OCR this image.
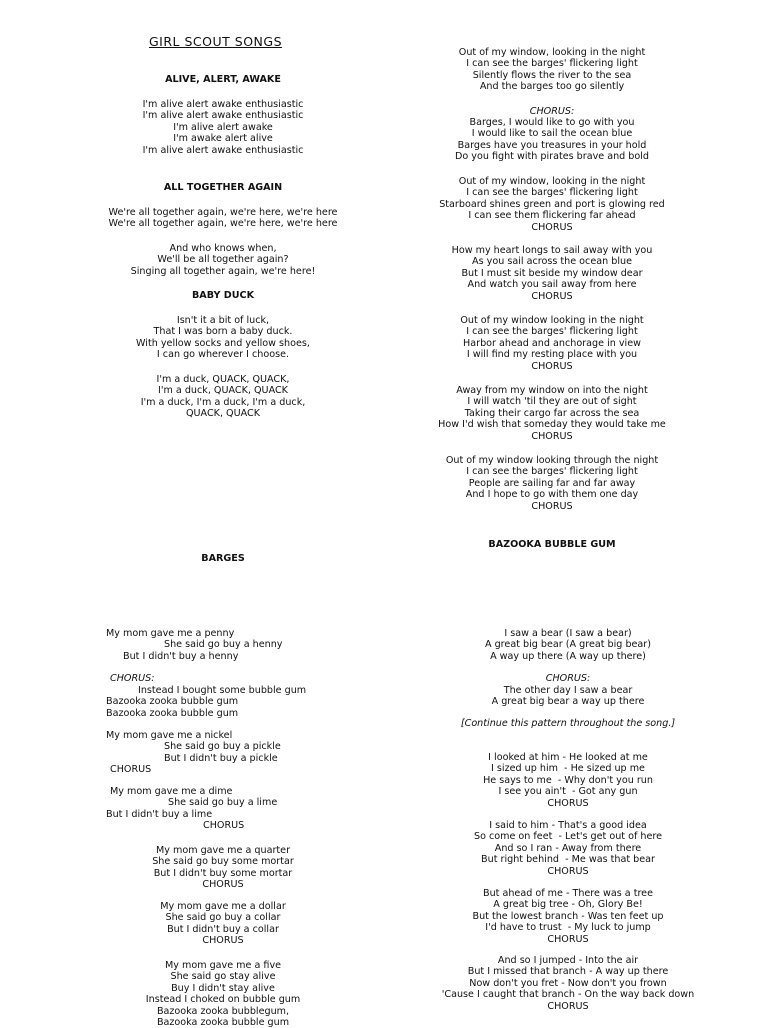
GIRL SCOUT SONGS
ALIVE, ALERT, AWAKE
I'm alive alert awake enthusiastic
I'm alive alert awake enthusiastic
I'm alive alert awake
I'm awake alert alive
I'm alive alert awake enthusiastic
ALL TOGETHER AGAIN
We're all together again, we're here, we're here
We're all together again, we're here, we're here
And who knows when,
We'll be all together again?
Singing all together again, we're here!
BABY DUCK
Isn't it a bit of luck,
That I was born a baby duck.
With yellow socks and yellow shoes,
I can go wherever I choose.
I'm a duck, QUACK, QUACK,
I'm a duck, QUACK, QUACK
I'm a duck, I'm a duck, I'm a duck,
QUACK, QUACK
BARGES
Out of my window, looking in the night
I can see the barges' flickering light
Silently flows the river to the sea
And the barges too go silently
CHORUS:
Barges, I would like to go with you
I would like to sail the ocean blue
Barges have you treasures in your hold
Do you fight with pirates brave and bold
Out of my window, looking in the night
I can see the barges' flickering light
Starboard shines green and port is glowing red
I can see them flickering far ahead
CHORUS
How my heart longs to sail away with you
As you sail across the ocean blue
But I must sit beside my window dear
And watch you sail away from here
CHORUS
Out of my window looking in the night
I can see the barges' flickering light
Harbor ahead and anchorage in view
I will find my resting place with you
CHORUS
Away from my window on into the night
I will watch 'til they are out of sight
Taking their cargo far across the sea
How I'd wish that someday they would take me
CHORUS
Out of my window looking through the night
I can see the barges' flickering light
People are sailing far and far away
And I hope to go with them one day
CHORUS
BAZOOKA BUBBLE GUM
My mom gave me a penny
She said go buy a henny
But I didn't buy a henny
CHORUS:
Instead I bought some bubble gum
Bazooka zooka bubble gum
Bazooka zooka bubble gum
My mom gave me a nickel
She said go buy a pickle
But I didn't buy a pickle
CHORUS
My mom gave me a dime
She said go buy a lime
But I didn't buy a lime
CHORUS
My mom gave me a quarter
She said go buy some mortar
But I didn't buy some mortar
CHORUS
My mom gave me a dollar
She said go buy a collar
But I didn't buy a collar
CHORUS
My mom gave me a five
She said go stay alive
Buy I didn't stay alive
Instead I choked on bubble gum
Bazooka zooka bubblegum,
Bazooka zooka bubble gum
I saw a bear (I saw a bear)
A great big bear (A great big bear)
A way up there (A way up there)
CHORUS:
The other day I saw a bear
A great big bear a way up there
[Continue this pattern throughout the song.]
I looked at him - He looked at me
I sized up him  - He sized up me
He says to me  - Why don't you run
I see you ain't  - Got any gun
CHORUS
I said to him - That's a good idea
So come on feet  - Let's get out of here
And so I ran - Away from there
But right behind  - Me was that bear
CHORUS
But ahead of me - There was a tree
A great big tree - Oh, Glory Be!
But the lowest branch - Was ten feet up
I'd have to trust  - My luck to jump
CHORUS
And so I jumped - Into the air
But I missed that branch - A way up there
Now don't you fret - Now don't you frown
'Cause I caught that branch - On the way back down
CHORUS
